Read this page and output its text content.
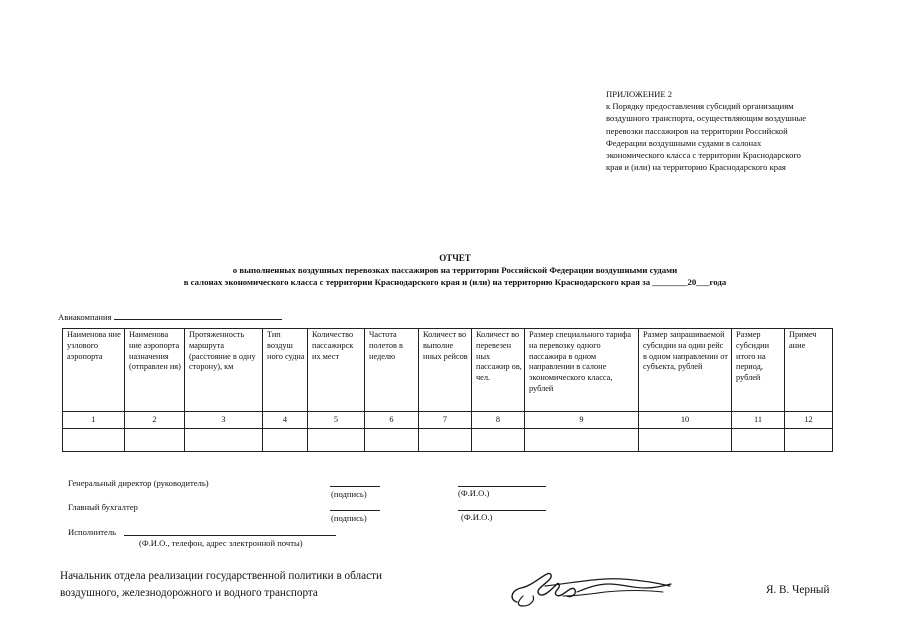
ПРИЛОЖЕНИЕ 2
к Порядку предоставления субсидий организациям
воздушного транспорта, осуществляющим воздушные
перевозки пассажиров на территории Российской
Федерации воздушными судами в салонах
экономического класса с территории Краснодарского
края и (или) на территорию Краснодарского края
ОТЧЕТ
о выполненных воздушных перевозках пассажиров на территории Российской Федерации воздушными судами
в салонах экономического класса с территории Краснодарского края и (или) на территорию Краснодарского края за ________20___года
Авиакомпания
Наименова ние узлового аэропорта	Наименова ние аэропорта назначения (отправлен ия)	Протяженность маршрута (расстояние в одну сторону), км	Тип воздуш ного судна	Количество пассажирск их мест	Частота полетов в неделю	Количест во выполне нных рейсов	Количест во перевезен ных пассажир ов, чел.	Размер специального тарифа на перевозку одного пассажира в одном направлении в салоне экономического класса, рублей	Размер запрашиваемой субсидии на один рейс в одном направлении от субъекта, рублей	Размер субсидии итого на период, рублей	Примеч ание
1	2	3	4	5	6	7	8	9	10	11	12

Генеральный директор (руководитель)
(подпись)	(Ф.И.О.)
Главный бухгалтер
(подпись)	(Ф.И.О.)
Исполнитель
(Ф.И.О., телефон, адрес электронной почты)
Начальник отдела реализации государственной политики в области
воздушного, железнодорожного и водного транспорта	Я. В. Черный
